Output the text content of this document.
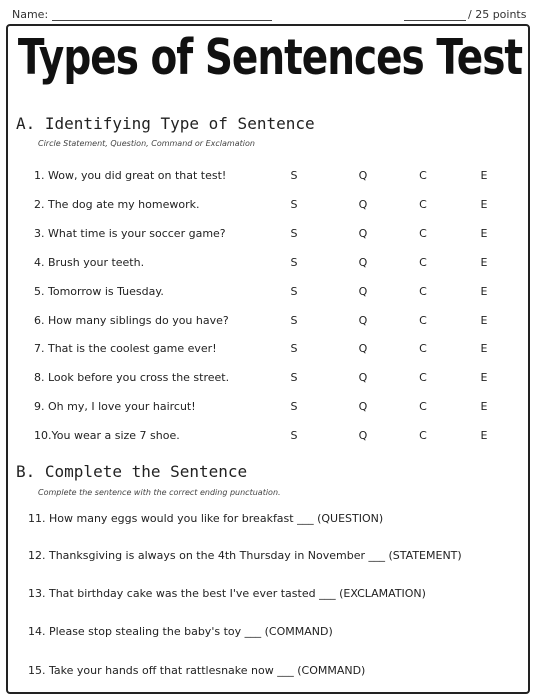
Name:	/ 25 points
Types of Sentences Test
A. Identifying Type of Sentence
Circle Statement, Question, Command or Exclamation
1. Wow, you did great on that test!	S	Q	C	E
2. The dog ate my homework.	S	Q	C	E
3. What time is your soccer game?	S	Q	C	E
4. Brush your teeth.	S	Q	C	E
5. Tomorrow is Tuesday.	S	Q	C	E
6. How many siblings do you have?	S	Q	C	E
7. That is the coolest game ever!	S	Q	C	E
8. Look before you cross the street.	S	Q	C	E
9. Oh my, I love your haircut!	S	Q	C	E
10.You wear a size 7 shoe.	S	Q	C	E
B. Complete the Sentence
Complete the sentence with the correct ending punctuation.
11. How many eggs would you like for breakfast ___ (QUESTION)
12. Thanksgiving is always on the 4th Thursday in November ___ (STATEMENT)
13. That birthday cake was the best I've ever tasted ___ (EXCLAMATION)
14. Please stop stealing the baby's toy ___ (COMMAND)
15. Take your hands off that rattlesnake now ___ (COMMAND)
